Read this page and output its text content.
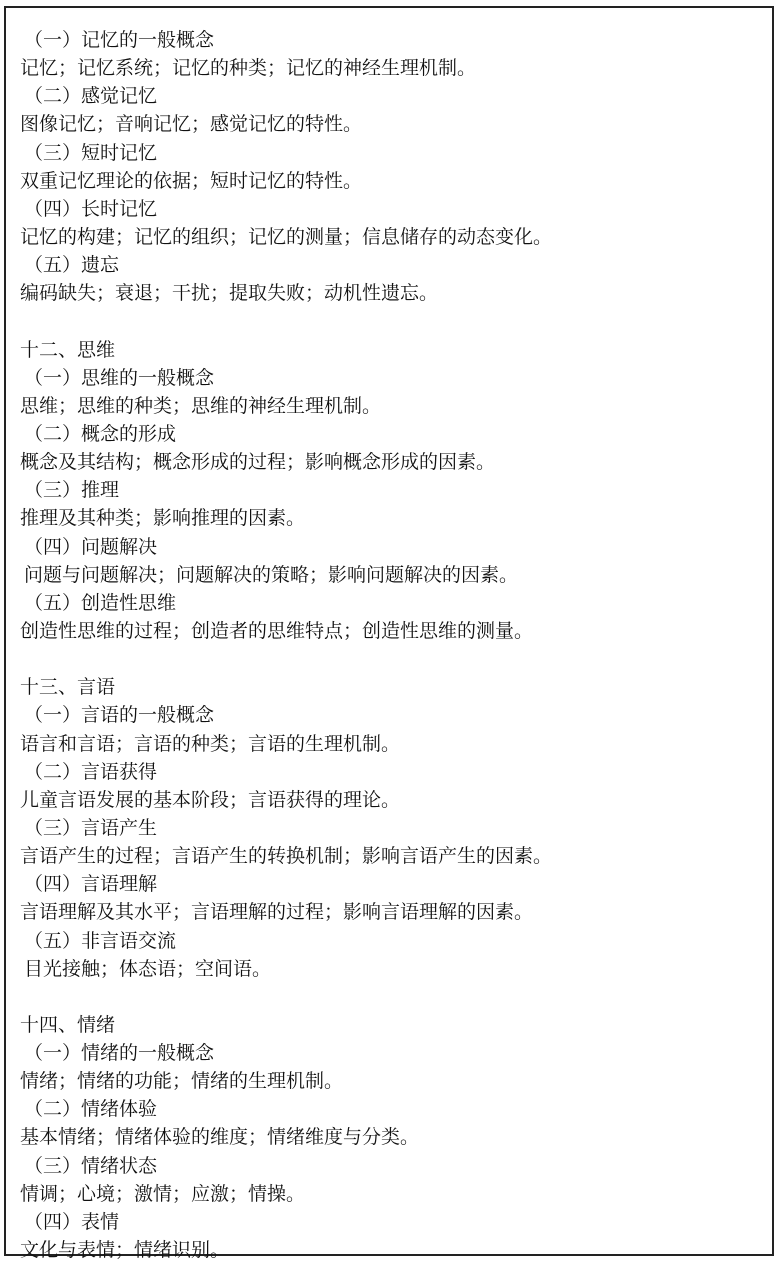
（一）记忆的一般概念
记忆；记忆系统；记忆的种类；记忆的神经生理机制。
（二）感觉记忆
图像记忆；音响记忆；感觉记忆的特性。
（三）短时记忆
双重记忆理论的依据；短时记忆的特性。
（四）长时记忆
记忆的构建；记忆的组织；记忆的测量；信息储存的动态变化。
（五）遗忘
编码缺失；衰退；干扰；提取失败；动机性遗忘。
十二、思维
（一）思维的一般概念
思维；思维的种类；思维的神经生理机制。
（二）概念的形成
概念及其结构；概念形成的过程；影响概念形成的因素。
（三）推理
推理及其种类；影响推理的因素。
（四）问题解决
问题与问题解决；问题解决的策略；影响问题解决的因素。
（五）创造性思维
创造性思维的过程；创造者的思维特点；创造性思维的测量。
十三、言语
（一）言语的一般概念
语言和言语；言语的种类；言语的生理机制。
（二）言语获得
儿童言语发展的基本阶段；言语获得的理论。
（三）言语产生
言语产生的过程；言语产生的转换机制；影响言语产生的因素。
（四）言语理解
言语理解及其水平；言语理解的过程；影响言语理解的因素。
（五）非言语交流
目光接触；体态语；空间语。
十四、情绪
（一）情绪的一般概念
情绪；情绪的功能；情绪的生理机制。
（二）情绪体验
基本情绪；情绪体验的维度；情绪维度与分类。
（三）情绪状态
情调；心境；激情；应激；情操。
（四）表情
文化与表情；情绪识别。
